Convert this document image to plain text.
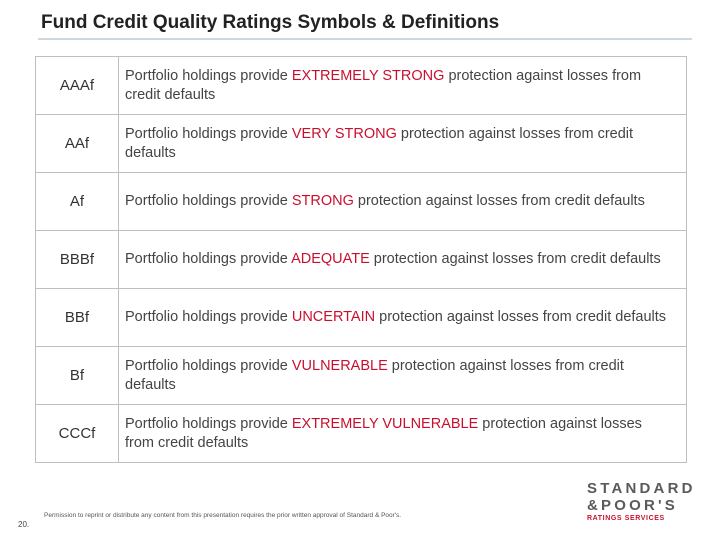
Fund Credit Quality Ratings Symbols & Definitions
AAAf	Portfolio holdings provide EXTREMELY STRONG protection against losses from credit defaults
AAf	Portfolio holdings provide VERY STRONG protection against losses from credit defaults
Af	Portfolio holdings provide STRONG protection against losses from credit defaults
BBBf	Portfolio holdings provide ADEQUATE protection against losses from credit defaults
BBf	Portfolio holdings provide UNCERTAIN protection against losses from credit defaults
Bf	Portfolio holdings provide VULNERABLE protection against losses from credit defaults
CCCf	Portfolio holdings provide EXTREMELY VULNERABLE protection against losses from credit defaults
Permission to reprint or distribute any content from this presentation requires the prior written approval of Standard & Poor's.
20.
STANDARD
&POOR'S
RATINGS SERVICES
